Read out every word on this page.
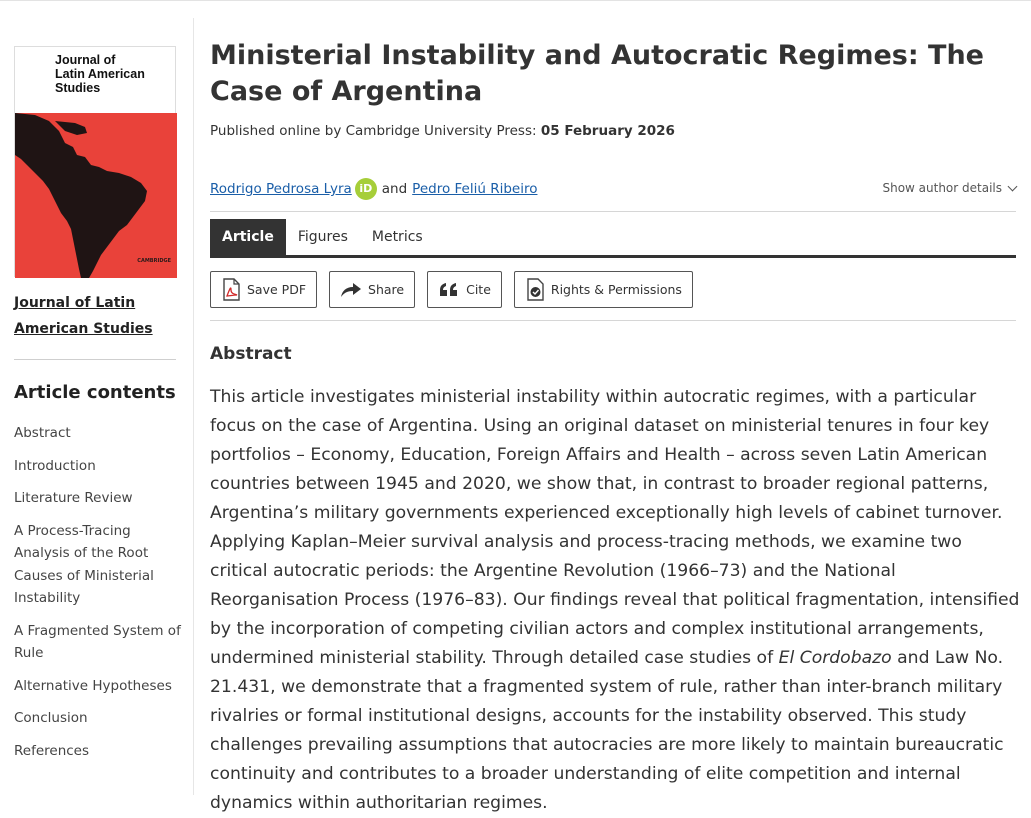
Journal of
Latin American
Studies
CAMBRIDGE
Journal of Latin American Studies
Article contents
Abstract
Introduction
Literature Review
A Process-Tracing Analysis of the Root Causes of Ministerial Instability
A Fragmented System of Rule
Alternative Hypotheses
Conclusion
References
Ministerial Instability and Autocratic Regimes: The Case of Argentina
Published online by Cambridge University Press: 05 February 2026
Rodrigo Pedrosa Lyra iD and Pedro Feliú Ribeiro	Show author details
Article	Figures	Metrics
Save PDF	Share	Cite	Rights & Permissions
Abstract

This article investigates ministerial instability within autocratic regimes, with a particular focus on the case of Argentina. Using an original dataset on ministerial tenures in four key portfolios – Economy, Education, Foreign Affairs and Health – across seven Latin American countries between 1945 and 2020, we show that, in contrast to broader regional patterns, Argentina’s military governments experienced exceptionally high levels of cabinet turnover. Applying Kaplan–Meier survival analysis and process-tracing methods, we examine two critical autocratic periods: the Argentine Revolution (1966–73) and the National Reorganisation Process (1976–83). Our findings reveal that political fragmentation, intensified by the incorporation of competing civilian actors and complex institutional arrangements, undermined ministerial stability. Through detailed case studies of El Cordobazo and Law No. 21.431, we demonstrate that a fragmented system of rule, rather than inter-branch military rivalries or formal institutional designs, accounts for the instability observed. This study challenges prevailing assumptions that autocracies are more likely to maintain bureaucratic continuity and contributes to a broader understanding of elite competition and internal dynamics within authoritarian regimes.
